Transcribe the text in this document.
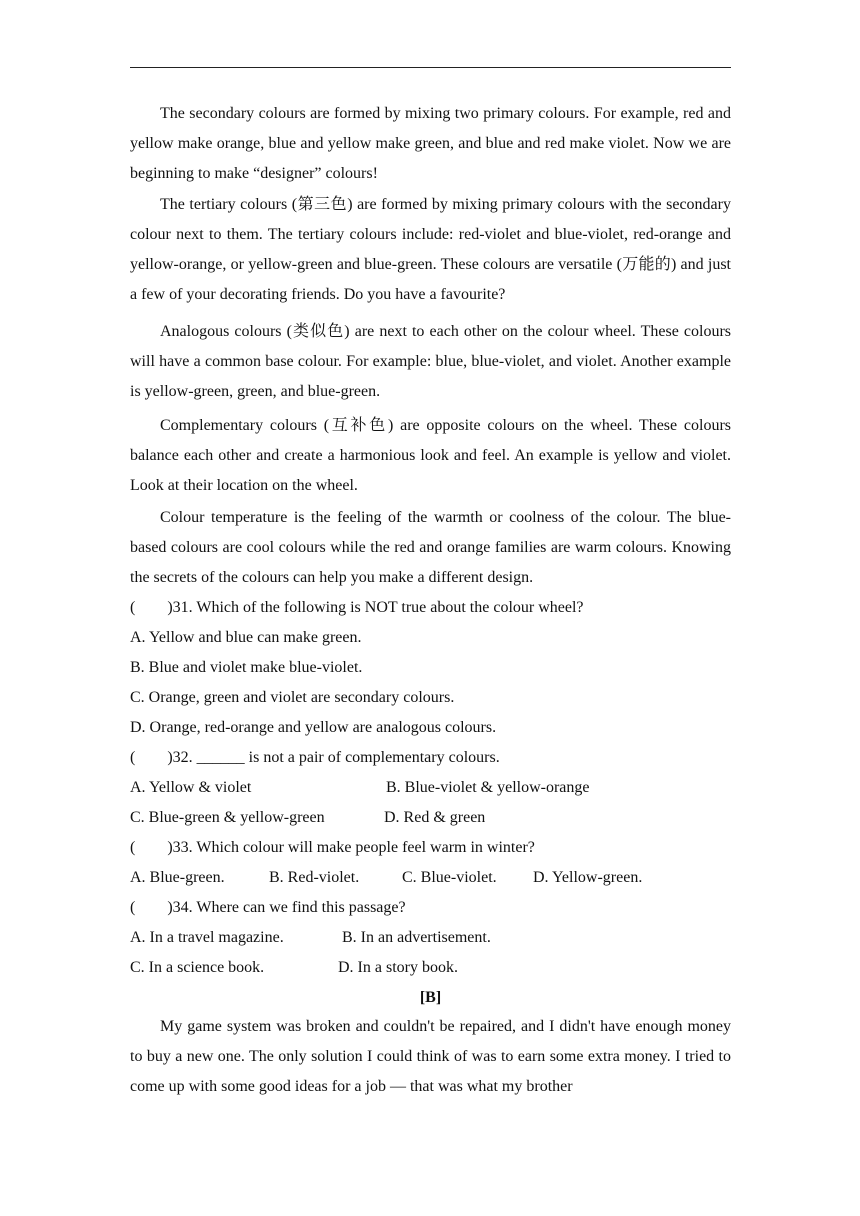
The secondary colours are formed by mixing two primary colours. For example, red and yellow make orange, blue and yellow make green, and blue and red make violet. Now we are beginning to make “designer” colours!

The tertiary colours (第三色) are formed by mixing primary colours with the secondary colour next to them. The tertiary colours include: red-violet and blue-violet, red-orange and yellow-orange, or yellow-green and blue-green. These colours are versatile (万能的) and just a few of your decorating friends. Do you have a favourite?

Analogous colours (类似色) are next to each other on the colour wheel. These colours will have a common base colour. For example: blue, blue-violet, and violet. Another example is yellow-green, green, and blue-green.

Complementary colours (互补色) are opposite colours on the wheel. These colours balance each other and create a harmonious look and feel. An example is yellow and violet. Look at their location on the wheel.

Colour temperature is the feeling of the warmth or coolness of the colour. The blue-based colours are cool colours while the red and orange families are warm colours. Knowing the secrets of the colours can help you make a different design.

(        )31. Which of the following is NOT true about the colour wheel?

A. Yellow and blue can make green.

B. Blue and violet make blue-violet.

C. Orange, green and violet are secondary colours.

D. Orange, red-orange and yellow are analogous colours.

(        )32. ______ is not a pair of complementary colours.

A. Yellow & violet	B. Blue-violet & yellow-orange

C. Blue-green & yellow-green	D. Red & green

(        )33. Which colour will make people feel warm in winter?

A. Blue-green.	B. Red-violet.	C. Blue-violet. D. Yellow-green.

(        )34. Where can we find this passage?

A. In a travel magazine.	B. In an advertisement.

C. In a science book.	D. In a story book.

[B]

My game system was broken and couldn't be repaired, and I didn't have enough money to buy a new one. The only solution I could think of was to earn some extra money. I tried to come up with some good ideas for a job — that was what my brother
